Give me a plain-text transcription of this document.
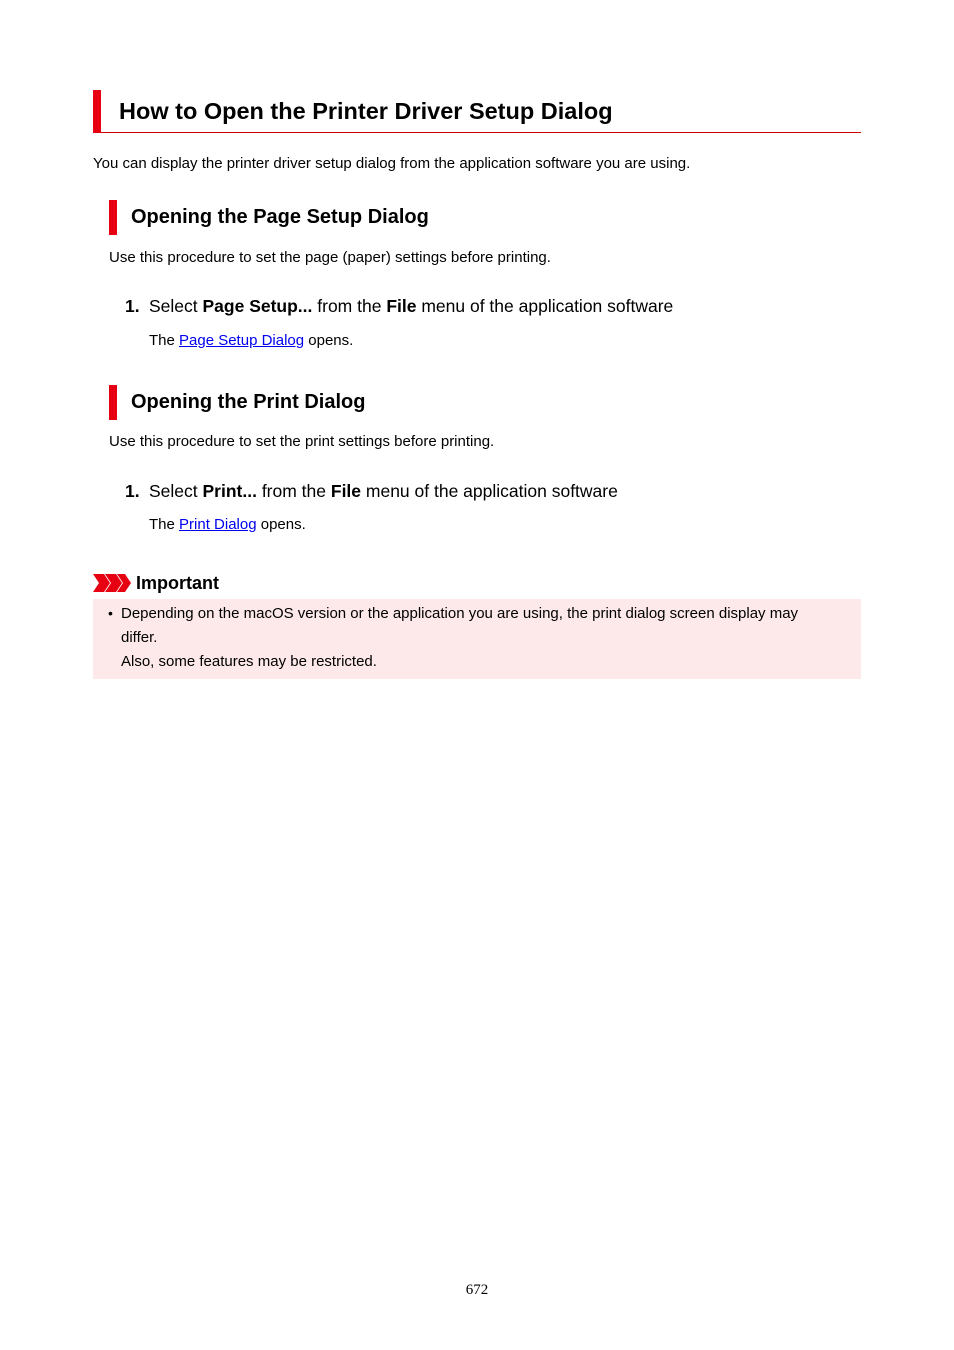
How to Open the Printer Driver Setup Dialog
You can display the printer driver setup dialog from the application software you are using.
Opening the Page Setup Dialog
Use this procedure to set the page (paper) settings before printing.
1. Select Page Setup... from the File menu of the application software
The Page Setup Dialog opens.
Opening the Print Dialog
Use this procedure to set the print settings before printing.
1. Select Print... from the File menu of the application software
The Print Dialog opens.
Important
• Depending on the macOS version or the application you are using, the print dialog screen display may
differ.
Also, some features may be restricted.
672
